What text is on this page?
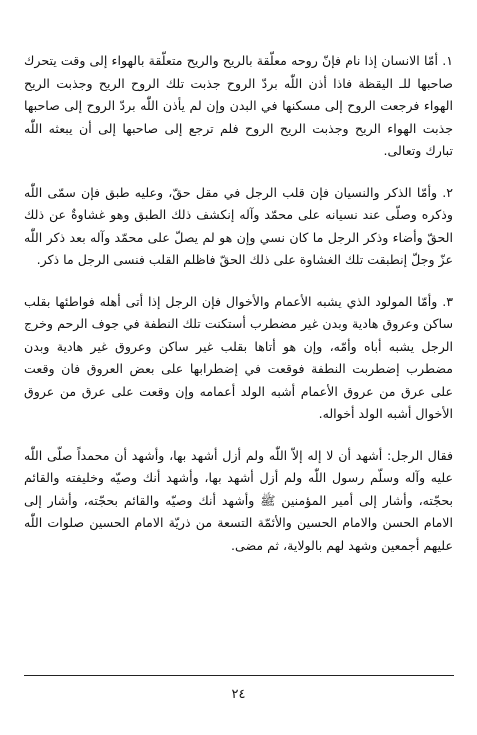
١. أمّا الانسان إذا نام فإنّ روحه معلّقة بالريح والريح متعلّقة بالهواء إلى وقت يتحرك صاحبها للـ اليقظة فاذا أذن اللّٰه بردّ الروح جذبت تلك الروح الريح وجذبت الريح الهواء فرجعت الروح إلى مسكنها في البدن وإن لم يأذن اللّٰه بردّ الروح إلى صاحبها جذبت الهواء الريح وجذبت الريح الروح فلم ترجع إلى صاحبها إلى أن يبعثه اللّٰه تبارك وتعالى.

٢. وأمّا الذكر والنسيان فإن قلب الرجل في مقل حقّ، وعليه طبق فإن سمّى اللّٰه وذكره وصلّى عند نسيانه على محمّد وآله إنكشف ذلك الطبق وهو غشاوةٌ عن ذلك الحقّ وأضاء وذكر الرجل ما كان نسي وإن هو لم يصلّ على محمّد وآله بعد ذكر اللّٰه عزّ وجلّ إنطبقت تلك الغشاوة على ذلك الحقّ فاظلم القلب فنسى الرجل ما ذكر.

٣. وأمّا المولود الذي يشبه الأعمام والأخوال فإن الرجل إذا أتى أهله فواطئها بقلب ساكن وعروق هادية وبدن غير مضطرب أستكنت تلك النطفة في جوف الرحم وخرج الرجل يشبه أباه وأمّه، وإن هو أتاها بقلب غير ساكن وعروق غير هادية وبدن مضطرب إضطربت النطفة فوقعت في إضطرابها على بعض العروق فان وقعت على عرق من عروق الأعمام أشبه الولد أعمامه وإن وقعت على عرق من عروق الأخوال أشبه الولد أخواله.

فقال الرجل: أشهد أن لا إله إلاّ اللّٰه ولم أزل أشهد بها، وأشهد أن محمداً صلّى اللّٰه عليه وآله وسلّم رسول اللّٰه ولم أزل أشهد بها، وأشهد أنك وصيّه وخليفته والقائم بحجّته، وأشار إلى أمير المؤمنين ﷺ وأشهد أنك وصيّه والقائم بحجّته، وأشار إلى الامام الحسن والامام الحسين والأئمّة التسعة من ذريّة الامام الحسين صلوات اللّٰه عليهم أجمعين وشهد لهم بالولاية، ثم مضى.

٢٤
